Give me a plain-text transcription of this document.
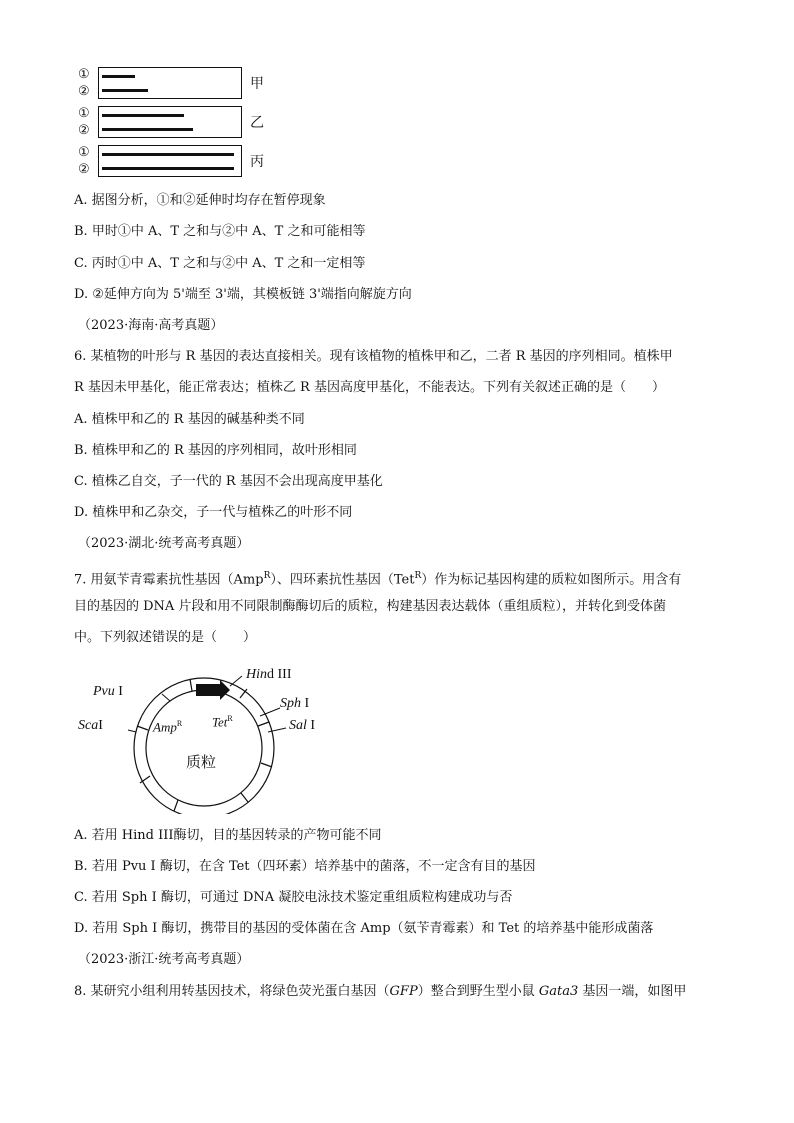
①
②	甲
①
②	乙
①
②	丙
A. 据图分析，①和②延伸时均存在暂停现象
B. 甲时①中 A、T 之和与②中 A、T 之和可能相等
C. 丙时①中 A、T 之和与②中 A、T 之和一定相等
D. ②延伸方向为 5'端至 3'端，其模板链 3'端指向解旋方向
（2023·海南·高考真题）
6. 某植物的叶形与 R 基因的表达直接相关。现有该植物的植株甲和乙，二者 R 基因的序列相同。植株甲
R 基因未甲基化，能正常表达；植株乙 R 基因高度甲基化，不能表达。下列有关叙述正确的是（　　）
A. 植株甲和乙的 R 基因的碱基种类不同
B. 植株甲和乙的 R 基因的序列相同，故叶形相同
C. 植株乙自交，子一代的 R 基因不会出现高度甲基化
D. 植株甲和乙杂交，子一代与植株乙的叶形不同
（2023·湖北·统考高考真题）
7. 用氨苄青霉素抗性基因（Amp$^R$）、四环素抗性基因（Tet$^R$）作为标记基因构建的质粒如图所示。用含有
目的基因的 DNA 片段和用不同限制酶酶切后的质粒，构建基因表达载体（重组质粒），并转化到受体菌
中。下列叙述错误的是（　　）
Pvu I
ScaI
Hind III
Sph I
Sal I
Amp$^R$ Tet$^R$
质粒
A. 若用 Hind III酶切，目的基因转录的产物可能不同
B. 若用 Pvu I 酶切，在含 Tet（四环素）培养基中的菌落，不一定含有目的基因
C. 若用 Sph I 酶切，可通过 DNA 凝胶电泳技术鉴定重组质粒构建成功与否
D. 若用 Sph I 酶切，携带目的基因的受体菌在含 Amp（氨苄青霉素）和 Tet 的培养基中能形成菌落
（2023·浙江·统考高考真题）
8. 某研究小组利用转基因技术，将绿色荧光蛋白基因（GFP）整合到野生型小鼠 Gata3 基因一端，如图甲
